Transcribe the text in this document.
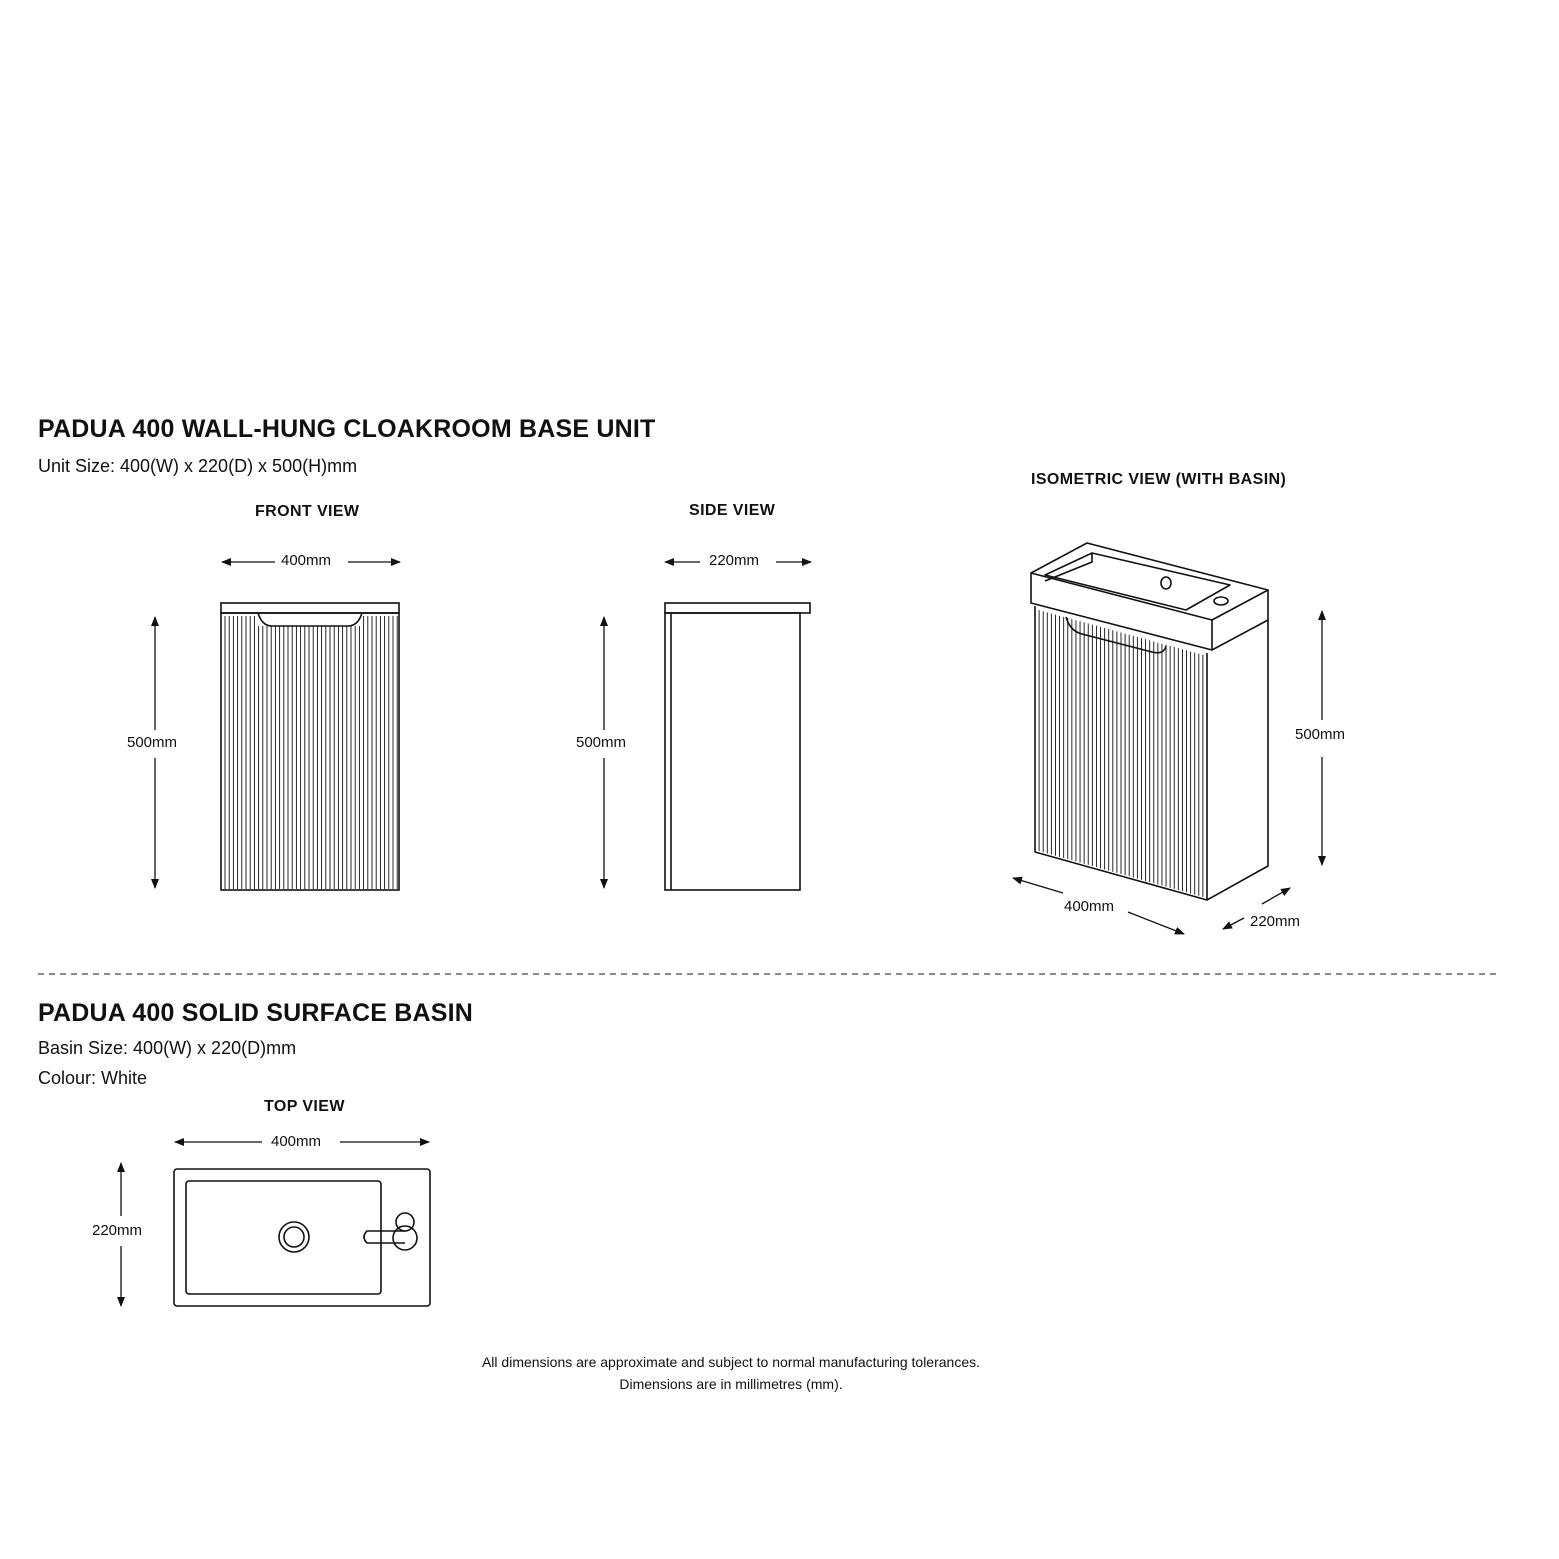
PADUA 400 WALL-HUNG CLOAKROOM BASE UNIT
Unit Size: 400(W) x 220(D) x 500(H)mm
FRONT VIEW	SIDE VIEW
ISOMETRIC VIEW (WITH BASIN)
400mm
500mm
220mm
500mm	500mm
400mm
220mm
PADUA 400 SOLID SURFACE BASIN
Basin Size: 400(W) x 220(D)mm
Colour: White
TOP VIEW
400mm
220mm
All dimensions are approximate and subject to normal manufacturing tolerances.
Dimensions are in millimetres (mm).
